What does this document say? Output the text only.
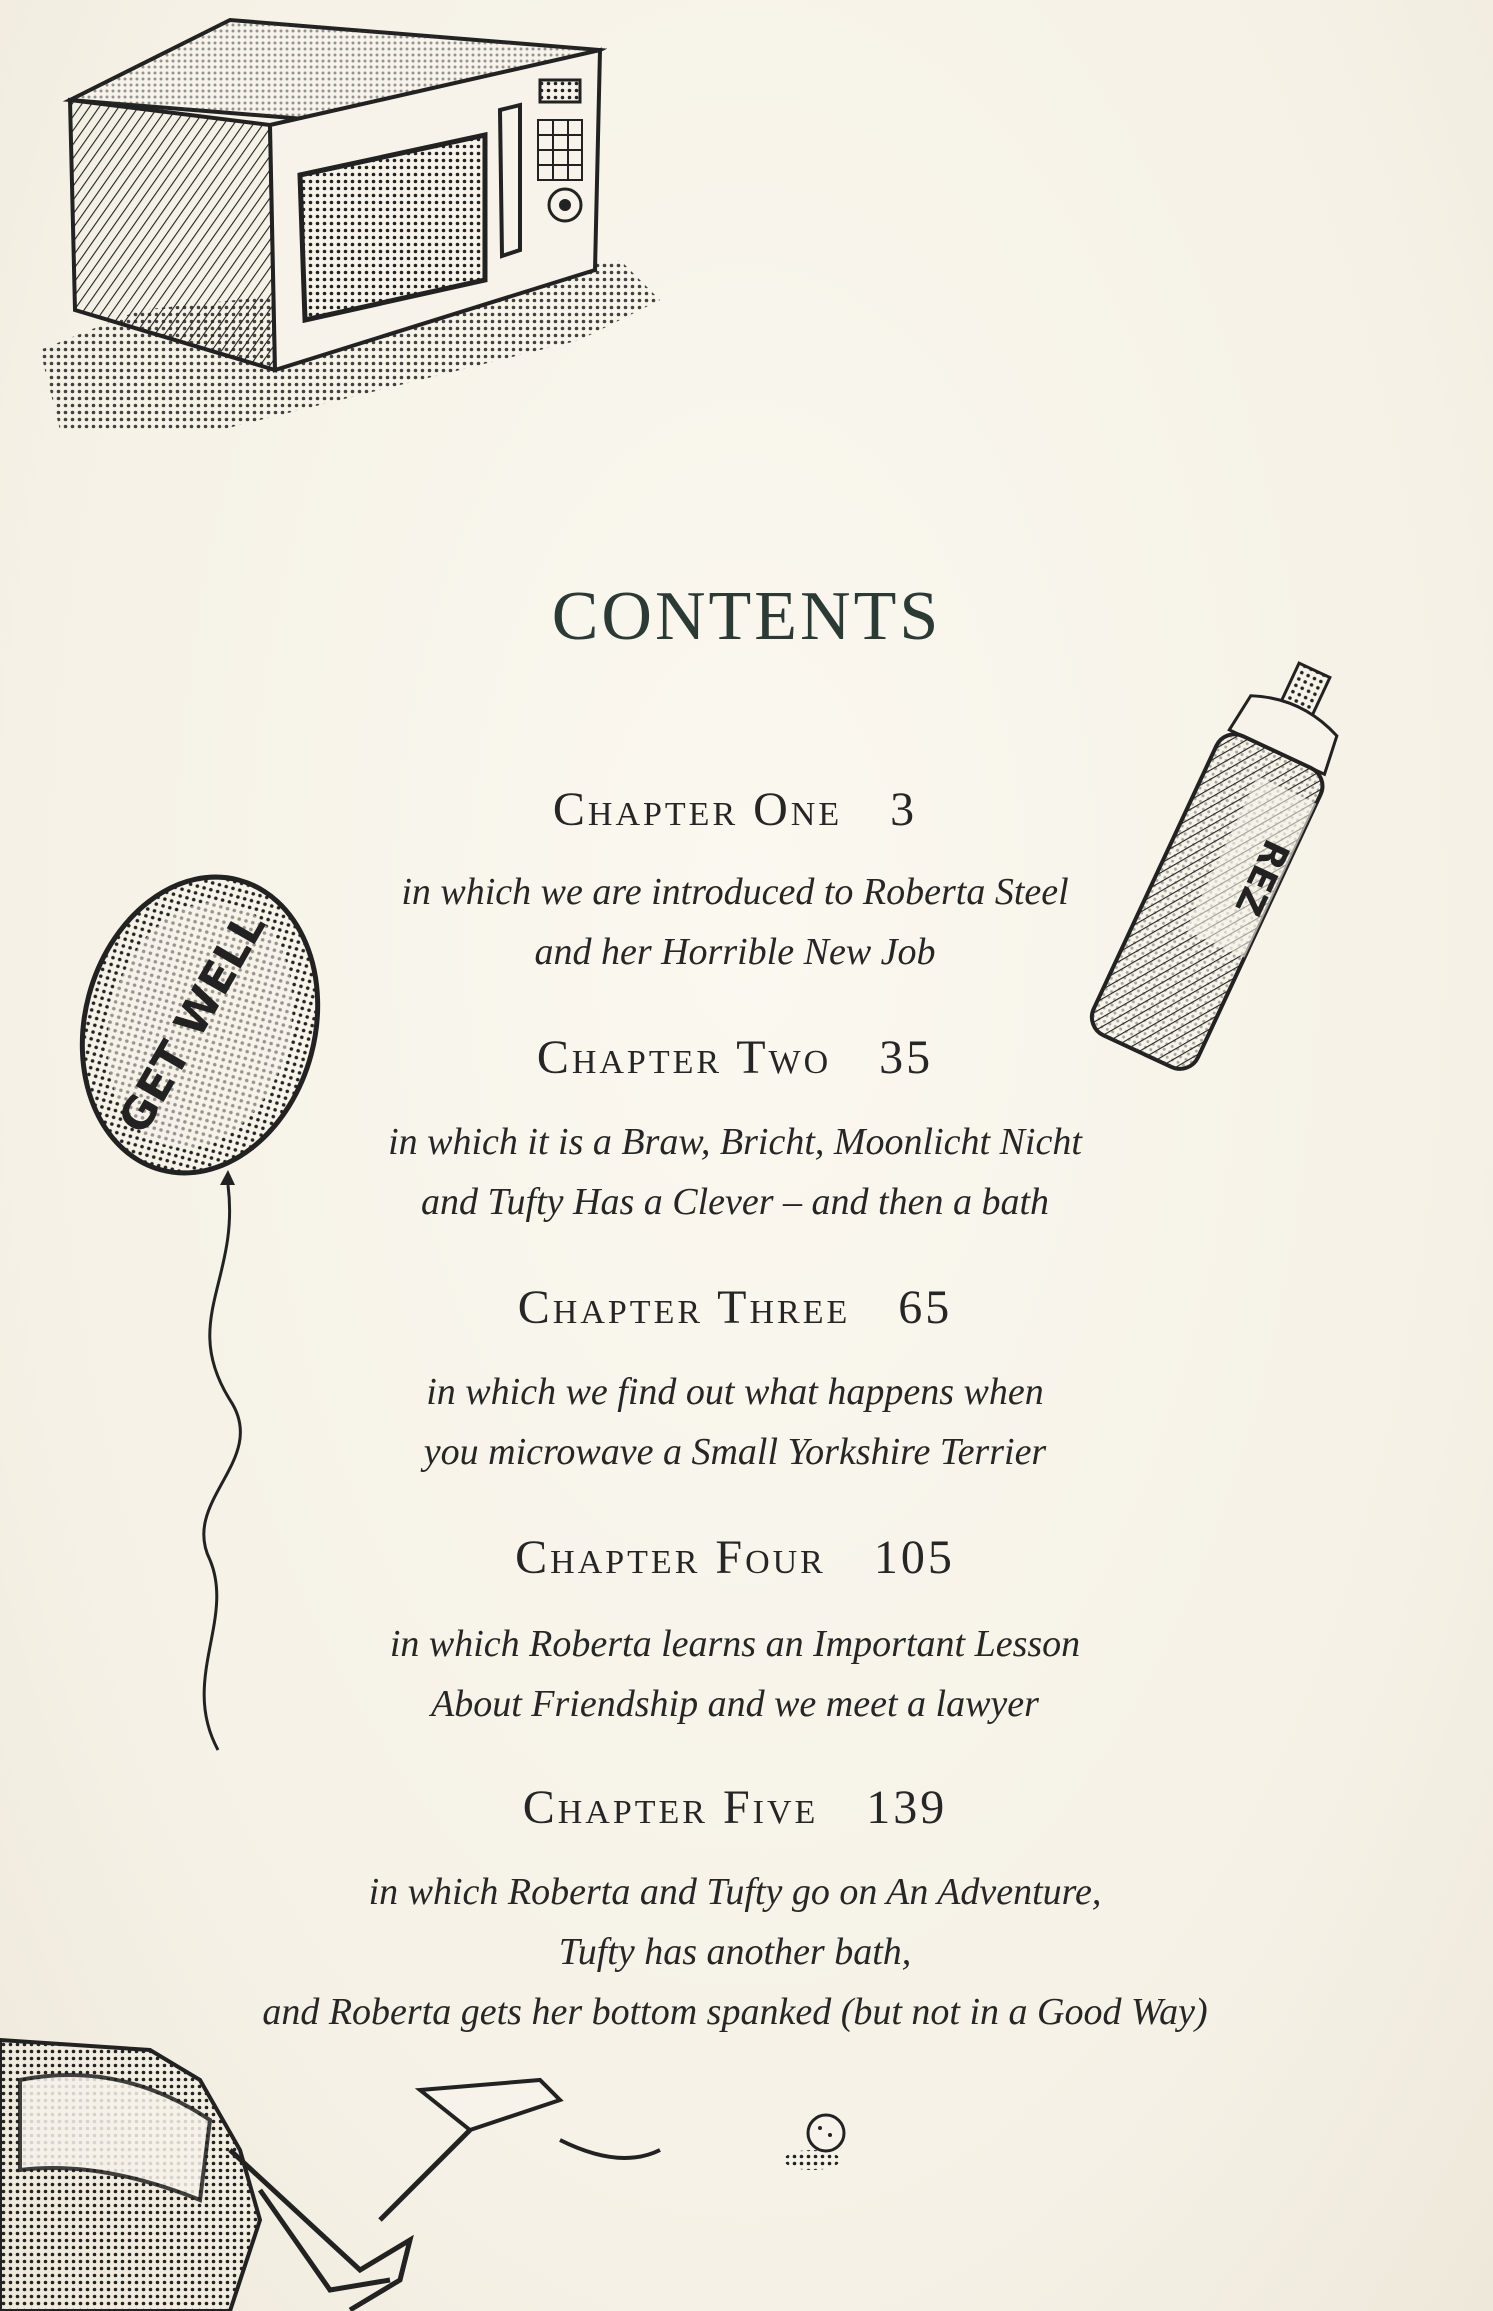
REZ
GET WELL
CONTENTS
Chapter One 3
in which we are introduced to Roberta Steel
and her Horrible New Job
Chapter Two 35
in which it is a Braw, Bricht, Moonlicht Nicht
and Tufty Has a Clever – and then a bath
Chapter Three 65
in which we find out what happens when
you microwave a Small Yorkshire Terrier
Chapter Four 105
in which Roberta learns an Important Lesson
About Friendship and we meet a lawyer
Chapter Five 139
in which Roberta and Tufty go on An Adventure,
Tufty has another bath,
and Roberta gets her bottom spanked (but not in a Good Way)
